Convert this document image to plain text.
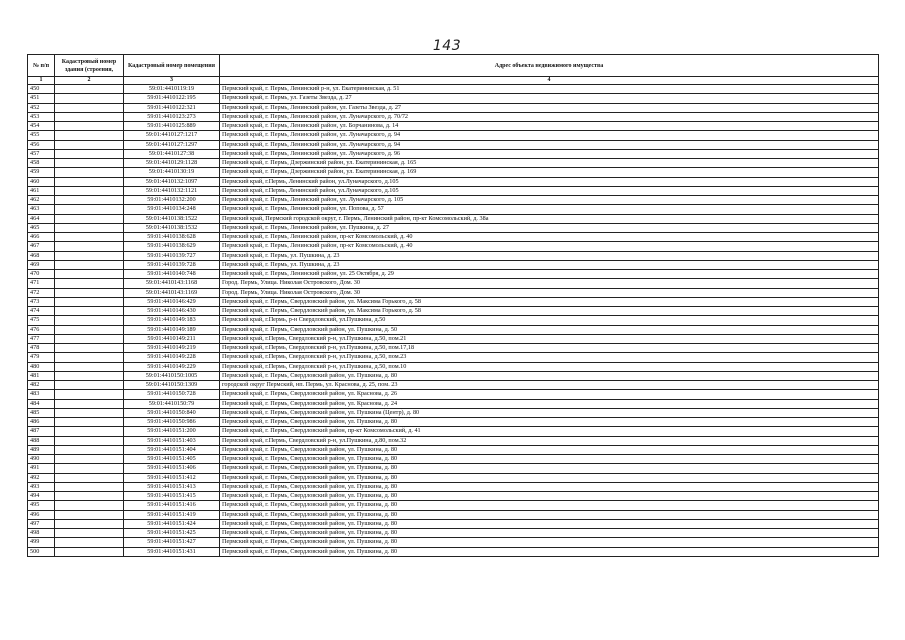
143
№ п/п	Кадастровый номер здания (строения,	Кадастровый номер помещения	Адрес объекта недвижимого имущества
1	2	3	4
450		59:01:4410119:19	Пермский край, г. Пермь, Ленинский р-н, ул. Екатерининская, д. 51
451		59:01:4410122:195	Пермский край, г. Пермь, ул. Газеты Звезда, д. 27
452		59:01:4410122:321	Пермский край, г. Пермь, Ленинский район, ул. Газеты Звезда, д. 27
453		59:01:4410123:273	Пермский край, г. Пермь, Ленинский район, ул. Луначарского, д. 70/72
454		59:01:4410125:889	Пермский край, г. Пермь, Ленинский район, ул. Борчанинова, д. 14
455		59:01:4410127:1217	Пермский край, г. Пермь, Ленинский район, ул. Луначарского, д. 94
456		59:01:4410127:1297	Пермский край, г. Пермь, Ленинский район, ул. Луначарского, д. 94
457		59:01:4410127:38	Пермский край, г. Пермь, Ленинский район, ул. Луначарского, д. 96
458		59:01:4410129:1128	Пермский край, г. Пермь, Дзержинский район, ул. Екатерининская, д. 165
459		59:01:4410130:19	Пермский край, г. Пермь, Дзержинский район, ул. Екатерининская, д. 169
460		59:01:4410132:1097	Пермский край, г.Пермь, Ленинский район, ул.Луначарского, д.105
461		59:01:4410132:1121	Пермский край, г.Пермь, Ленинский район, ул.Луначарского, д.105
462		59:01:4410132:200	Пермский край, г. Пермь, Ленинский район, ул. Луначарского, д. 105
463		59:01:4410134:248	Пермский край, г. Пермь, Ленинский район, ул. Попова, д. 57
464		59:01:4410138:1522	Пермский край, Пермский городской округ, г. Пермь, Ленинский район, пр-кт Комсомольский, д. 38а
465		59:01:4410138:1532	Пермский край, г. Пермь, Ленинский район, ул. Пушкина, д. 27
466		59:01:4410138:628	Пермский край, г. Пермь, Ленинский район, пр-кт Комсомольский, д. 40
467		59:01:4410138:629	Пермский край, г. Пермь, Ленинский район, пр-кт Комсомольский, д. 40
468		59:01:4410139:727	Пермский край, г. Пермь, ул. Пушкина, д. 23
469		59:01:4410139:728	Пермский край, г. Пермь, ул. Пушкина, д. 23
470		59:01:4410140:748	Пермский край, г. Пермь, Ленинский район, ул. 25 Октября, д. 29
471		59:01:4410143:1168	Город. Пермь, Улица. Николая Островского, Дом. 30
472		59:01:4410143:1169	Город. Пермь, Улица. Николая Островского, Дом. 30
473		59:01:4410146:429	Пермский край, г. Пермь, Свердловский район, ул. Максима Горького, д. 58
474		59:01:4410146:430	Пермский край, г. Пермь, Свердловский район, ул. Максима Горького, д. 58
475		59:01:4410149:183	Пермский край, г.Пермь, р-н Свердловский, ул.Пушкина, д.50
476		59:01:4410149:189	Пермский край, г. Пермь, Свердловский район, ул. Пушкина, д. 50
477		59:01:4410149:211	Пермский край, г.Пермь, Свердловский р-н, ул.Пушкина, д.50, пом.21
478		59:01:4410149:219	Пермский край, г.Пермь, Свердловский р-н, ул.Пушкина, д.50, пом.17,18
479		59:01:4410149:228	Пермский край, г.Пермь, Свердловский р-н, ул.Пушкина, д.50, пом.23
480		59:01:4410149:229	Пермский край, г.Пермь, Свердловский р-н, ул.Пушкина, д.50, пом.10
481		59:01:4410150:1005	Пермский край, г. Пермь, Свердловский район, ул. Пушкина, д. 80
482		59:01:4410150:1309	городской округ Пермский, нп. Пермь, ул. Краснова, д. 25, пом. 23
483		59:01:4410150:728	Пермский край, г. Пермь, Свердловский район, ул. Краснова, д. 26
484		59:01:4410150:79	Пермский край, г. Пермь, Свердловский район, ул. Краснова, д. 24
485		59:01:4410150:840	Пермский край, г. Пермь, Свердловский район, ул. Пушкина (Центр), д. 80
486		59:01:4410150:986	Пермский край, г. Пермь, Свердловский район, ул. Пушкина, д. 80
487		59:01:4410151:200	Пермский край, г. Пермь, Свердловский район, пр-кт Комсомольский, д. 41
488		59:01:4410151:403	Пермский край, г.Пермь, Свердловский р-н, ул.Пушкина, д.80, пом.32
489		59:01:4410151:404	Пермский край, г. Пермь, Свердловский район, ул. Пушкина, д. 80
490		59:01:4410151:405	Пермский край, г. Пермь, Свердловский район, ул. Пушкина, д. 80
491		59:01:4410151:406	Пермский край, г. Пермь, Свердловский район, ул. Пушкина, д. 80
492		59:01:4410151:412	Пермский край, г. Пермь, Свердловский район, ул. Пушкина, д. 80
493		59:01:4410151:413	Пермский край, г. Пермь, Свердловский район, ул. Пушкина, д. 80
494		59:01:4410151:415	Пермский край, г. Пермь, Свердловский район, ул. Пушкина, д. 80
495		59:01:4410151:416	Пермский край, г. Пермь, Свердловский район, ул. Пушкина, д. 80
496		59:01:4410151:419	Пермский край, г. Пермь, Свердловский район, ул. Пушкина, д. 80
497		59:01:4410151:424	Пермский край, г. Пермь, Свердловский район, ул. Пушкина, д. 80
498		59:01:4410151:425	Пермский край, г. Пермь, Свердловский район, ул. Пушкина, д. 80
499		59:01:4410151:427	Пермский край, г. Пермь, Свердловский район, ул. Пушкина, д. 80
500		59:01:4410151:431	Пермский край, г. Пермь, Свердловский район, ул. Пушкина, д. 80
